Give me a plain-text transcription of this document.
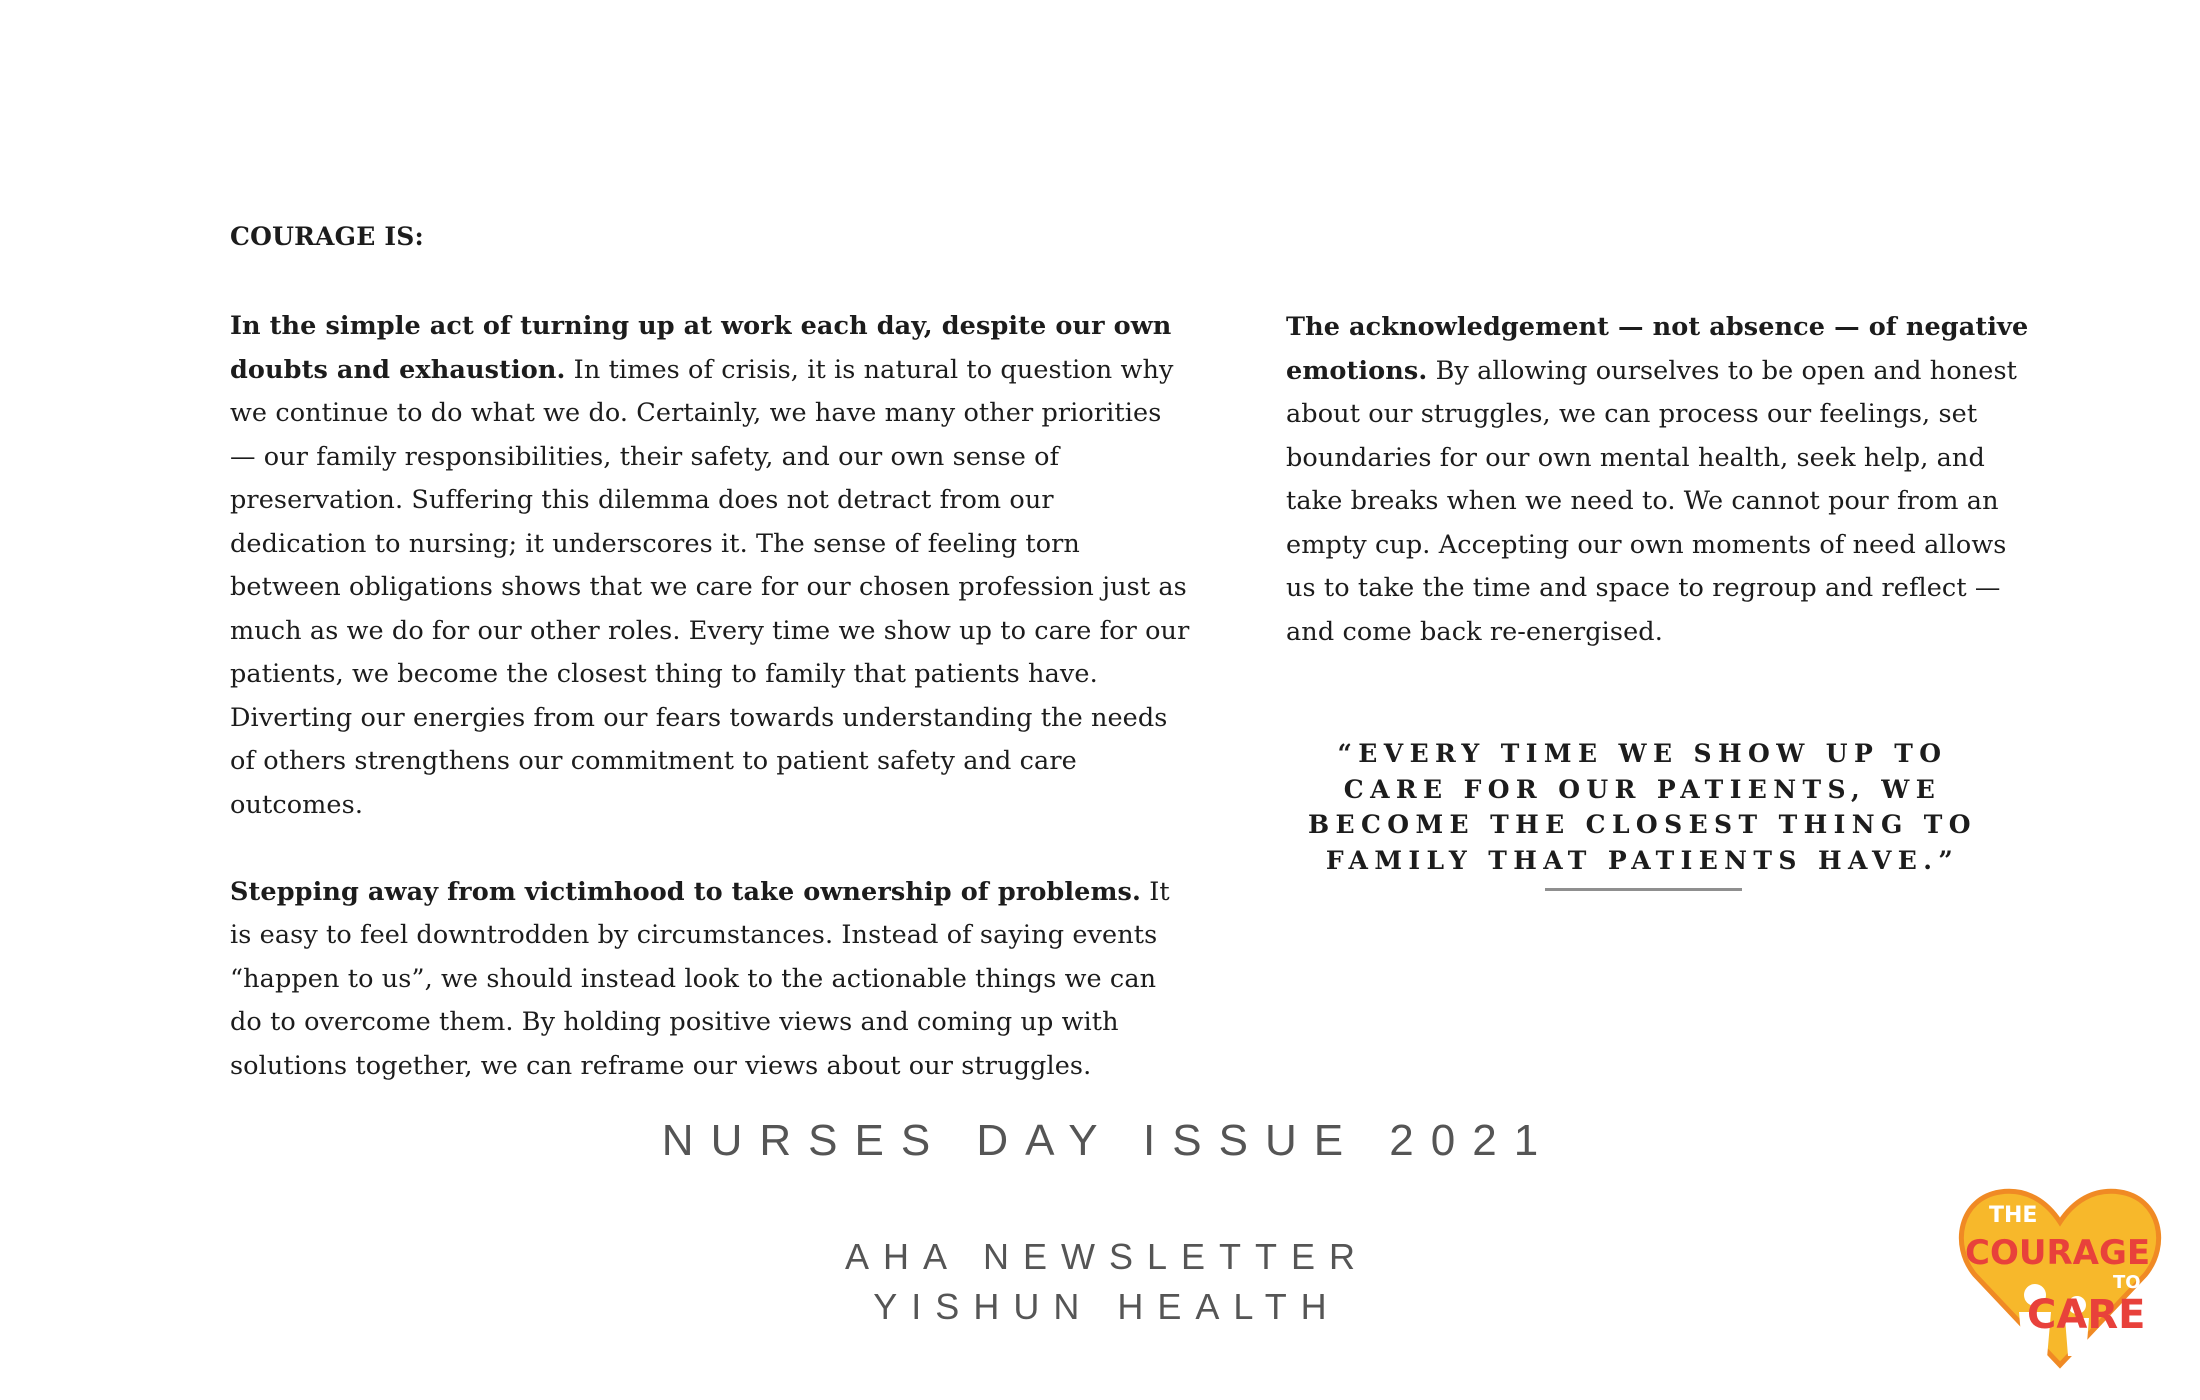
COURAGE IS:

In the simple act of turning up at work each day, despite our own doubts and exhaustion. In times of crisis, it is natural to question why we continue to do what we do. Certainly, we have many other priorities — our family responsibilities, their safety, and our own sense of preservation. Suffering this dilemma does not detract from our dedication to nursing; it underscores it. The sense of feeling torn between obligations shows that we care for our chosen profession just as much as we do for our other roles. Every time we show up to care for our patients, we become the closest thing to family that patients have. Diverting our energies from our fears towards understanding the needs of others strengthens our commitment to patient safety and care outcomes.

Stepping away from victimhood to take ownership of problems. It is easy to feel downtrodden by circumstances. Instead of saying events “happen to us”, we should instead look to the actionable things we can do to overcome them. By holding positive views and coming up with solutions together, we can reframe our views about our struggles.

The acknowledgement — not absence — of negative emotions. By allowing ourselves to be open and honest about our struggles, we can process our feelings, set boundaries for our own mental health, seek help, and take breaks when we need to. We cannot pour from an empty cup. Accepting our own moments of need allows us to take the time and space to regroup and reflect —and come back re-energised.

“EVERY TIME WE SHOW UP TO CARE FOR OUR PATIENTS, WE BECOME THE CLOSEST THING TO FAMILY THAT PATIENTS HAVE.”
NURSES DAY ISSUE 2021
AHA NEWSLETTER
YISHUN HEALTH
THE
COURAGE
TO
CARE
